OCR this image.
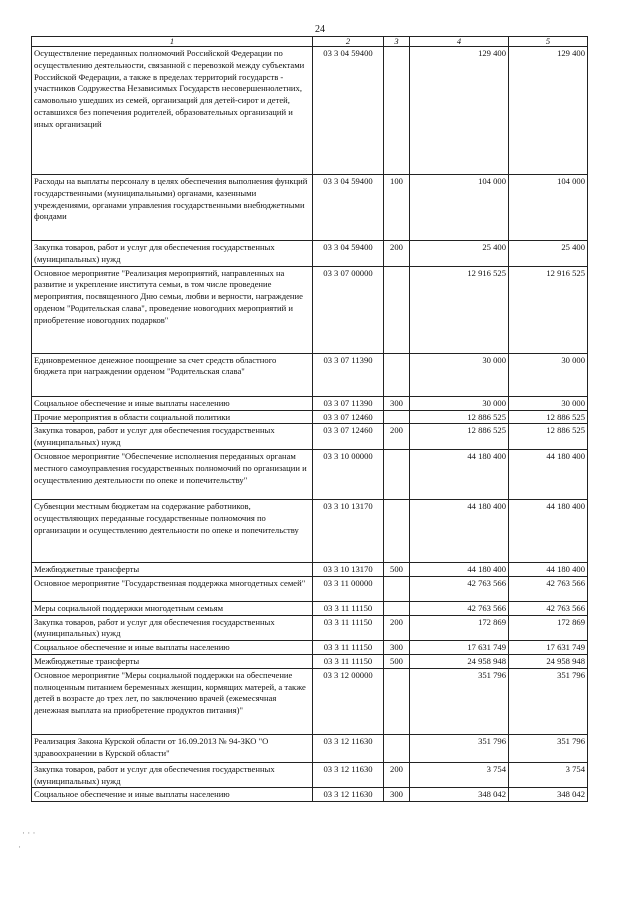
24
1	2	3	4	5
Осуществление переданных полномочий Российской Федерации по осуществлению деятельности, связанной с перевозкой между субъектами Российской Федерации, а также в пределах территорий государств - участников Содружества Независимых Государств несовершеннолетних, самовольно ушедших из семей, организаций для детей-сирот и детей, оставшихся без попечения родителей, образовательных организаций и иных организаций	03 3 04 59400		129 400	129 400
Расходы на выплаты персоналу в целях обеспечения выполнения функций государственными (муниципальными) органами, казенными учреждениями, органами управления государственными внебюджетными фондами	03 3 04 59400	100	104 000	104 000
Закупка товаров, работ и услуг для обеспечения государственных (муниципальных) нужд	03 3 04 59400	200	25 400	25 400
Основное мероприятие "Реализация мероприятий, направленных на развитие и укрепление института семьи, в том числе проведение мероприятия, посвященного Дню семьи, любви и верности, награждение орденом "Родительская слава", проведение новогодних мероприятий и приобретение новогодних подарков"	03 3 07 00000		12 916 525	12 916 525
Единовременное денежное поощрение за счет средств областного бюджета при награждении орденом "Родительская слава"	03 3 07 11390		30 000	30 000
Социальное обеспечение и иные выплаты населению	03 3 07 11390	300	30 000	30 000
Прочие мероприятия в области социальной политики	03 3 07 12460		12 886 525	12 886 525
Закупка товаров, работ и услуг для обеспечения государственных (муниципальных) нужд	03 3 07 12460	200	12 886 525	12 886 525
Основное мероприятие "Обеспечение исполнения переданных органам местного самоуправления государственных полномочий по организации и осуществлению деятельности по опеке и попечительству"	03 3 10 00000		44 180 400	44 180 400
Субвенции местным бюджетам на содержание работников, осуществляющих переданные государственные полномочия по организации и осуществлению деятельности по опеке и попечительству	03 3 10 13170		44 180 400	44 180 400
Межбюджетные трансферты	03 3 10 13170	500	44 180 400	44 180 400
Основное мероприятие "Государственная поддержка многодетных семей"	03 3 11 00000		42 763 566	42 763 566
Меры социальной поддержки многодетным семьям	03 3 11 11150		42 763 566	42 763 566
Закупка товаров, работ и услуг для обеспечения государственных (муниципальных) нужд	03 3 11 11150	200	172 869	172 869
Социальное обеспечение и иные выплаты населению	03 3 11 11150	300	17 631 749	17 631 749
Межбюджетные трансферты	03 3 11 11150	500	24 958 948	24 958 948
Основное мероприятие "Меры социальной поддержки на обеспечение полноценным питанием беременных женщин, кормящих матерей, а также детей в возрасте до трех лет, по заключению врачей (ежемесячная денежная выплата на приобретение продуктов питания)"	03 3 12 00000		351 796	351 796
Реализация Закона Курской области от 16.09.2013 № 94-ЗКО "О здравоохранении в Курской области"	03 3 12 11630		351 796	351 796
Закупка товаров, работ и услуг для обеспечения государственных (муниципальных) нужд	03 3 12 11630	200	3 754	3 754
Социальное обеспечение и иные выплаты населению	03 3 12 11630	300	348 042	348 042
· · ·
·
